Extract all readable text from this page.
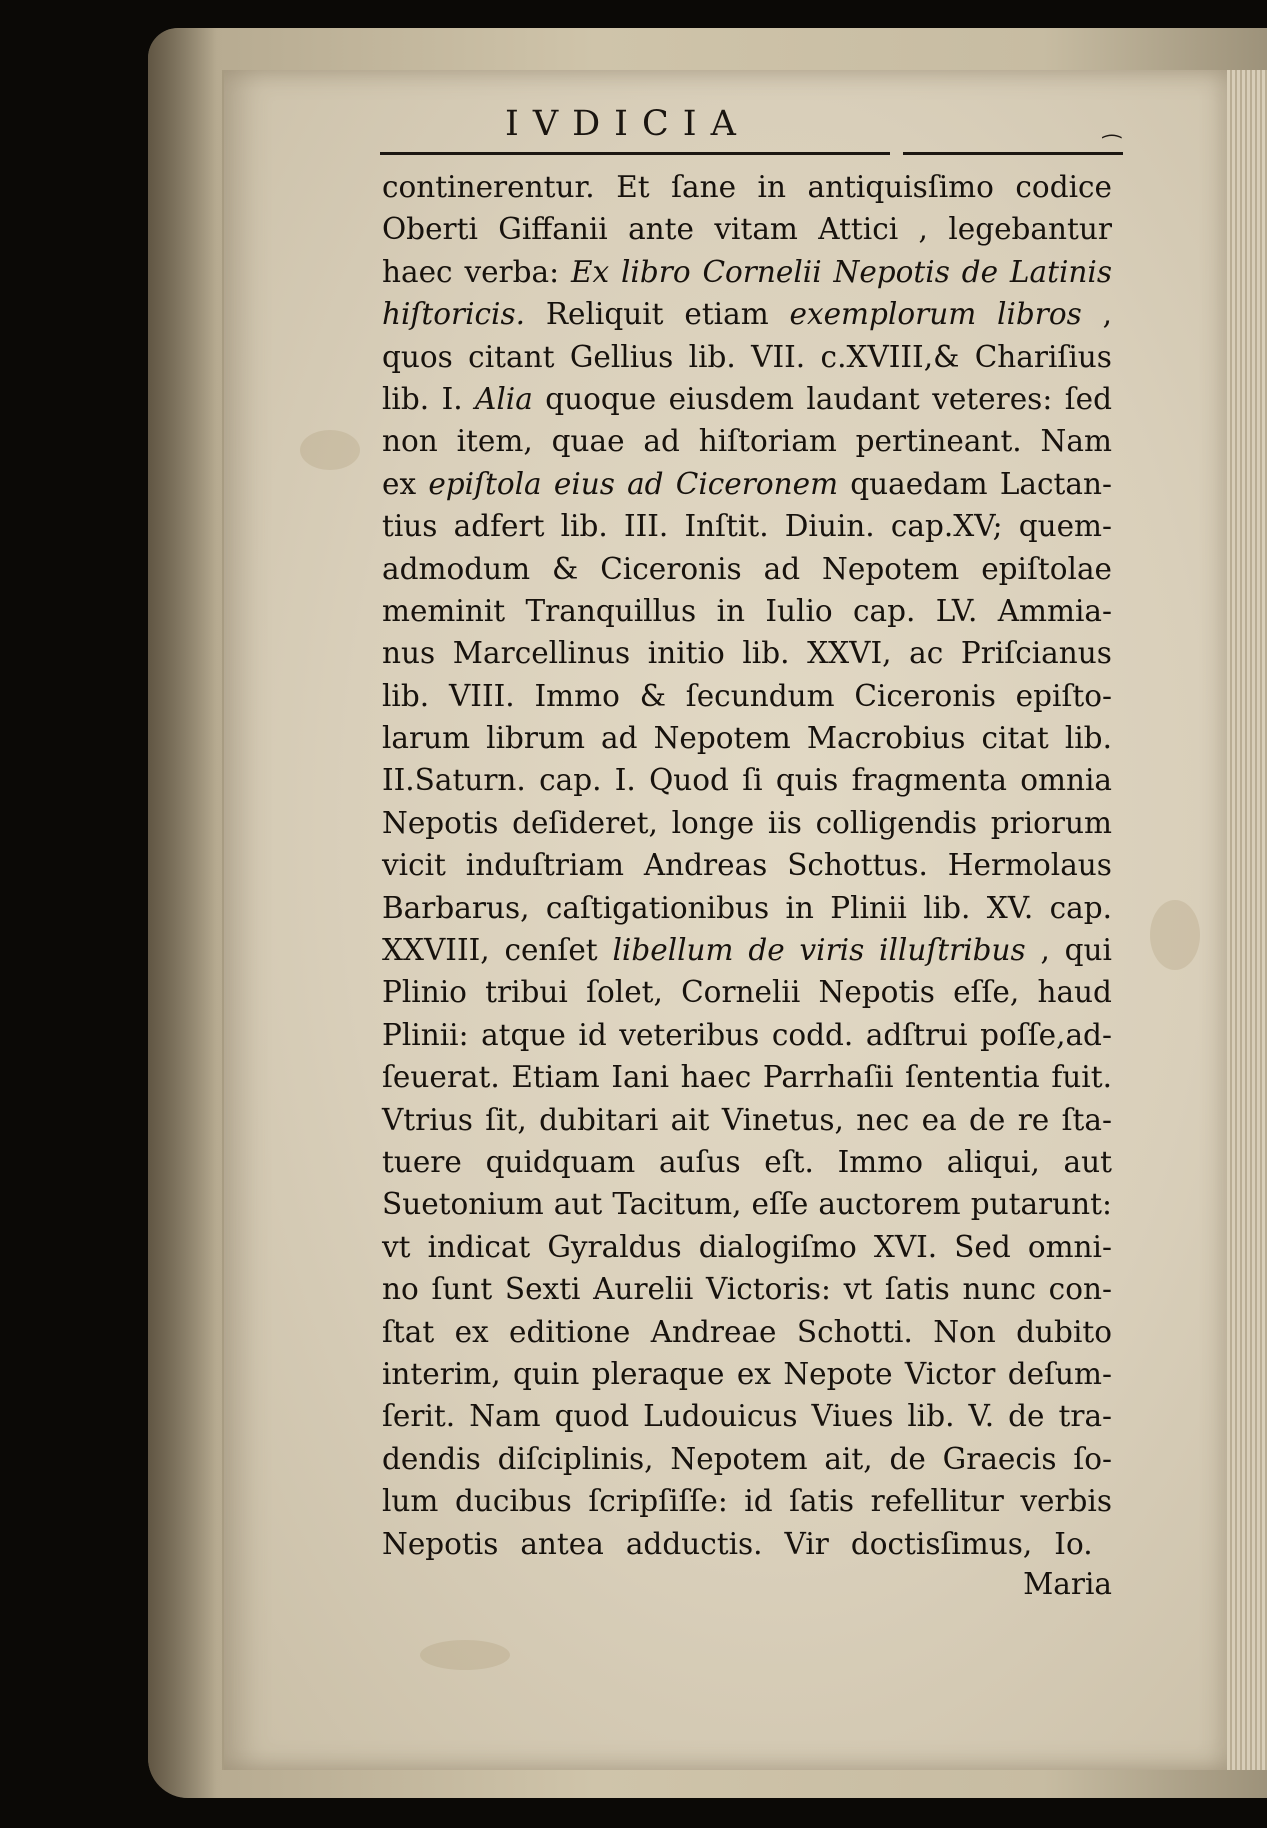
IVDICIA
⁀
continerentur. Et ſane in antiquisſimo codice
Oberti Giffanii ante vitam Attici , legebantur
haec verba: Ex libro Cornelii Nepotis de Latinis
hiſtoricis. Reliquit etiam exemplorum libros ,
quos citant Gellius lib. VII. c.XVIII,& Chariſius
lib. I. Alia quoque eiusdem laudant veteres: ſed
non item, quae ad hiſtoriam pertineant. Nam
ex epiſtola eius ad Ciceronem quaedam Lactan-
tius adfert lib. III. Inſtit. Diuin. cap.XV; quem-
admodum & Ciceronis ad Nepotem epiſtolae
meminit Tranquillus in Iulio cap. LV. Ammia-
nus Marcellinus initio lib. XXVI, ac Priſcianus
lib. VIII. Immo & ſecundum Ciceronis epiſto-
larum librum ad Nepotem Macrobius citat lib.
II.Saturn. cap. I. Quod ſi quis fragmenta omnia
Nepotis deſideret, longe iis colligendis priorum
vicit induſtriam Andreas Schottus. Hermolaus
Barbarus, caſtigationibus in Plinii lib. XV. cap.
XXVIII, cenſet libellum de viris illuſtribus , qui
Plinio tribui ſolet, Cornelii Nepotis eſſe, haud
Plinii: atque id veteribus codd. adſtrui poſſe,ad-
ſeuerat. Etiam Iani haec Parrhaſii ſententia fuit.
Vtrius ſit, dubitari ait Vinetus, nec ea de re ſta-
tuere quidquam auſus eſt. Immo aliqui, aut
Suetonium aut Tacitum, eſſe auctorem putarunt:
vt indicat Gyraldus dialogiſmo XVI. Sed omni-
no ſunt Sexti Aurelii Victoris: vt ſatis nunc con-
ſtat ex editione Andreae Schotti. Non dubito
interim, quin pleraque ex Nepote Victor deſum-
ſerit. Nam quod Ludouicus Viues lib. V. de tra-
dendis diſciplinis, Nepotem ait, de Graecis ſo-
lum ducibus ſcripſiſſe: id ſatis refellitur verbis
Nepotis antea adductis. Vir doctisſimus, Io.
Maria
